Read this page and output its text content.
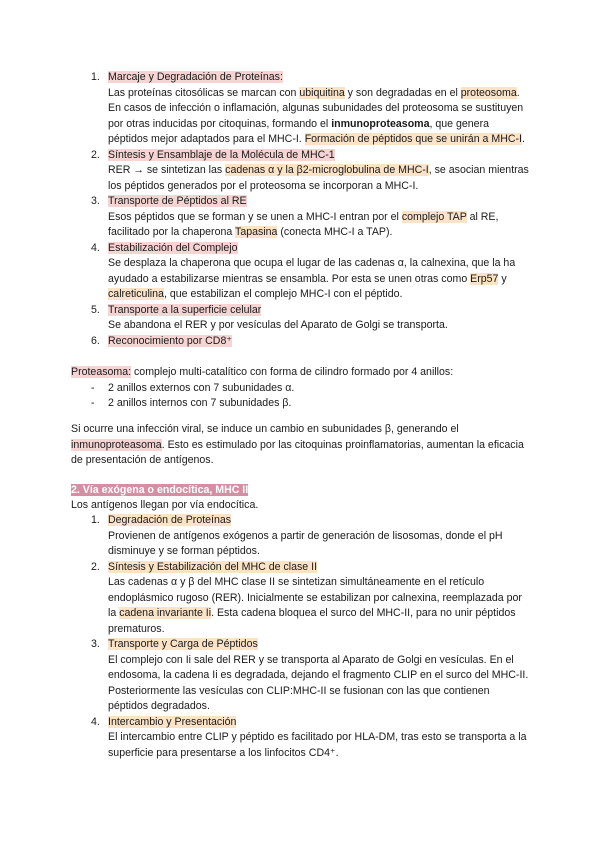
1. Marcaje y Degradación de Proteínas:
Las proteínas citosólicas se marcan con ubiquitina y son degradadas en el proteosoma. En casos de infección o inflamación, algunas subunidades del proteosoma se sustituyen por otras inducidas por citoquinas, formando el inmunoproteasoma, que genera péptidos mejor adaptados para el MHC-I. Formación de péptidos que se unirán a MHC-I.
2. Síntesis y Ensamblaje de la Molécula de MHC-1
RER → se sintetizan las cadenas α y la β2-microglobulina de MHC-I, se asocian mientras los péptidos generados por el proteosoma se incorporan a MHC-I.
3. Transporte de Péptidos al RE
Esos péptidos que se forman y se unen a MHC-I entran por el complejo TAP al RE, facilitado por la chaperona Tapasina (conecta MHC-I a TAP).
4. Estabilización del Complejo
Se desplaza la chaperona que ocupa el lugar de las cadenas α, la calnexina, que la ha ayudado a estabilizarse mientras se ensambla. Por esta se unen otras como Erp57 y calreticulina, que estabilizan el complejo MHC-I con el péptido.
5. Transporte a la superficie celular
Se abandona el RER y por vesículas del Aparato de Golgi se transporta.
6. Reconocimiento por CD8⁺
Proteasoma: complejo multi-catalítico con forma de cilindro formado por 4 anillos:
-	2 anillos externos con 7 subunidades α.
-	2 anillos internos con 7 subunidades β.
Si ocurre una infección viral, se induce un cambio en subunidades β, generando el inmunoproteasoma. Esto es estimulado por las citoquinas proinflamatorias, aumentan la eficacia de presentación de antígenos.
2. Vía exógena o endocítica, MHC II
Los antígenos llegan por vía endocítica.
1. Degradación de Proteínas
Provienen de antígenos exógenos a partir de generación de lisosomas, donde el pH disminuye y se forman péptidos.
2. Síntesis y Estabilización del MHC de clase II
Las cadenas α y β del MHC clase II se sintetizan simultáneamente en el retículo endoplásmico rugoso (RER). Inicialmente se estabilizan por calnexina, reemplazada por la cadena invariante Ii. Esta cadena bloquea el surco del MHC-II, para no unir péptidos prematuros.
3. Transporte y Carga de Péptidos
El complejo con Ii sale del RER y se transporta al Aparato de Golgi en vesículas. En el endosoma, la cadena Ii es degradada, dejando el fragmento CLIP en el surco del MHC-II. Posteriormente las vesículas con CLIP:MHC-II se fusionan con las que contienen péptidos degradados.
4. Intercambio y Presentación
El intercambio entre CLIP y péptido es facilitado por HLA-DM, tras esto se transporta a la superficie para presentarse a los linfocitos CD4⁺.
